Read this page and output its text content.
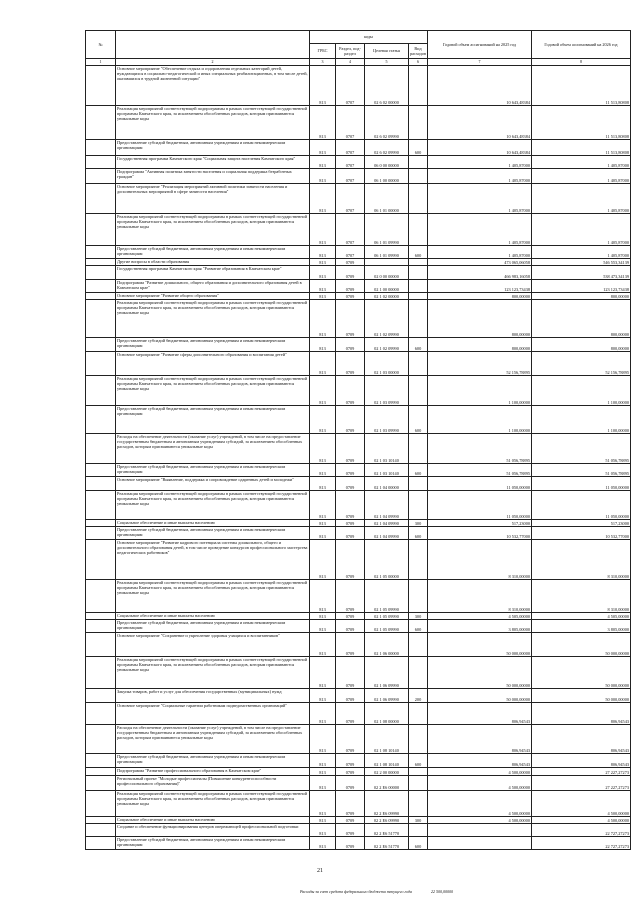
№		коды				Годовой объем ассигнований на 2025 год	Годовой объем ассигнований на 2026 год
		ГРБС	Раздел, под-раздел	Целевая статья	Вид расходов		
1	2	3	4	5	6	7	8
	Основное мероприятие "Обеспечение отдыха и оздоровления отдельных категорий детей, нуждающихся в социально-педагогической и иных специальных реабилитационных, в том числе детей, оказавшихся в трудной жизненной ситуации"	813	0707	02 6 02 00000		10 643,48384	11 513,80808
	Реализация мероприятий соответствующей подпрограммы в рамках соответствующей государственной программы Камчатского края, за исключением обособленных расходов, которым присваиваются уникальные коды	813	0707	02 6 02 09990		10 643,48384	11 513,80808
	Предоставление субсидий бюджетным, автономным учреждениям и иным некоммерческим организациям	813	0707	02 6 02 09990	600	10 643,48384	11 513,80808
	Государственная программа Камчатского края "Социальная защита населения Камчатского края"	813	0707	06 0 00 00000		1 405,87000	1 405,87000
	Подпрограмма "Активная политика занятости населения и социальная поддержка безработных граждан"	813	0707	06 1 00 00000		1 405,87000	1 405,87000
	Основное мероприятие "Реализация мероприятий активной политики занятости населения и дополнительных мероприятий в сфере занятости населения"	813	0707	06 1 01 00000		1 405,87000	1 405,87000
	Реализация мероприятий соответствующей подпрограммы в рамках соответствующей государственной программы Камчатского края, за исключением обособленных расходов, которым присваиваются уникальные коды	813	0707	06 1 01 09990		1 405,87000	1 405,87000
	Предоставление субсидий бюджетным, автономным учреждениям и иным некоммерческим организациям	813	0707	06 1 01 09990	600	1 405,87000	1 405,87000
	Другие вопросы в области образования	813	0709			473 065,06058	546 553,34139
	Государственная программа Камчатского края "Развитие образования в Камчатском крае"	813	0709	02 0 00 00000		466 983,16058	538 473,34139
	Подпрограмма "Развитие дошкольного, общего образования и дополнительного образования детей в Камчатском крае"	813	0709	02 1 00 00000		123 123,73438	123 123,73438
	Основное мероприятие "Развитие общего образования"	813	0709	02 1 02 00000		800,00000	800,00000
	Реализация мероприятий соответствующей подпрограммы в рамках соответствующей государственной программы Камчатского края, за исключением обособленных расходов, которым присваиваются уникальные коды	813	0709	02 1 02 09990		800,00000	800,00000
	Предоставление субсидий бюджетным, автономным учреждениям и иным некоммерческим организациям	813	0709	02 1 02 09990	600	800,00000	800,00000
	Основное мероприятие "Развитие сферы дополнительного образования и воспитания детей"	813	0709	02 1 03 00000		52 156,78895	52 156,78895
	Реализация мероприятий соответствующей подпрограммы в рамках соответствующей государственной программы Камчатского края, за исключением обособленных расходов, которым присваиваются уникальные коды	813	0709	02 1 03 09990		1 100,00000	1 100,00000
	Предоставление субсидий бюджетным, автономным учреждениям и иным некоммерческим организациям	813	0709	02 1 03 09990	600	1 100,00000	1 100,00000
	Расходы на обеспечение деятельности (оказание услуг) учреждений, в том числе на предоставление государственным бюджетным и автономным учреждениям субсидий, за исключением обособленных расходов, которым присваиваются уникальные коды	813	0709	02 1 03 10140		51 056,78895	51 056,78895
	Предоставление субсидий бюджетным, автономным учреждениям и иным некоммерческим организациям	813	0709	02 1 03 10140	600	51 056,78895	51 056,78895
	Основное мероприятие "Выявление, поддержка и сопровождение одаренных детей и молодежи"	813	0709	02 1 04 00000		11 050,00000	11 050,00000
	Реализация мероприятий соответствующей подпрограммы в рамках соответствующей государственной программы Камчатского края, за исключением обособленных расходов, которым присваиваются уникальные коды	813	0709	02 1 04 09990		11 050,00000	11 050,00000
	Социальное обеспечение и иные выплаты населению	813	0709	02 1 04 09990	300	517,23000	517,23000
	Предоставление субсидий бюджетным, автономным учреждениям и иным некоммерческим организациям	813	0709	02 1 04 09990	600	10 532,77000	10 532,77000
	Основное мероприятие "Развитие кадрового потенциала системы дошкольного, общего и дополнительного образования детей, в том числе проведение конкурсов профессионального мастерства педагогических работников"	813	0709	02 1 05 00000		8 310,00000	8 310,00000
	Реализация мероприятий соответствующей подпрограммы в рамках соответствующей государственной программы Камчатского края, за исключением обособленных расходов, которым присваиваются уникальные коды	813	0709	02 1 05 09990		8 310,00000	8 310,00000
	Социальное обеспечение и иные выплаты населению	813	0709	02 1 05 09990	300	4 505,00000	4 505,00000
	Предоставление субсидий бюджетным, автономным учреждениям и иным некоммерческим организациям	813	0709	02 1 05 09990	600	3 805,00000	3 805,00000
	Основное мероприятие "Сохранение и укрепление здоровья учащихся и воспитанников"	813	0709	02 1 06 00000		50 000,00000	50 000,00000
	Реализация мероприятий соответствующей подпрограммы в рамках соответствующей государственной программы Камчатского края, за исключением обособленных расходов, которым присваиваются уникальные коды	813	0709	02 1 06 09990		50 000,00000	50 000,00000
	Закупка товаров, работ и услуг для обеспечения государственных (муниципальных) нужд	813	0709	02 1 06 09990	200	50 000,00000	50 000,00000
	Основное мероприятие "Социальные гарантии работникам подведомственных организаций"	813	0709	02 1 08 00000		806,94543	806,94543
	Расходы на обеспечение деятельности (оказание услуг) учреждений, в том числе на предоставление государственным бюджетным и автономным учреждениям субсидий, за исключением обособленных расходов, которым присваиваются уникальные коды	813	0709	02 1 08 10140		806,94543	806,94543
	Предоставление субсидий бюджетным, автономным учреждениям и иным некоммерческим организациям	813	0709	02 1 08 10140	600	806,94543	806,94543
	Подпрограмма "Развитие профессионального образования в Камчатском крае"	813	0709	02 2 00 00000		4 500,00000	27 227,27273
	Региональный проект "Молодые профессионалы (Повышение конкурентоспособности профессионального образования)"	813	0709	02 2 E6 00000		4 500,00000	27 227,27273
	Реализация мероприятий соответствующей подпрограммы в рамках соответствующей государственной программы Камчатского края, за исключением обособленных расходов, которым присваиваются уникальные коды	813	0709	02 2 E6 09990		4 500,00000	4 500,00000
	Социальное обеспечение и иные выплаты населению	813	0709	02 2 E6 09990	300	4 500,00000	4 500,00000
	Создание и обеспечение функционирования центров опережающей профессиональной подготовки	813	0709	02 2 E6 51770			22 727,27273
	Предоставление субсидий бюджетным, автономным учреждениям и иным некоммерческим организациям	813	0709	02 2 E6 51770	600		22 727,27273
21
Расходы за счет средств федерального бюджета текущего года	22 500,00000
